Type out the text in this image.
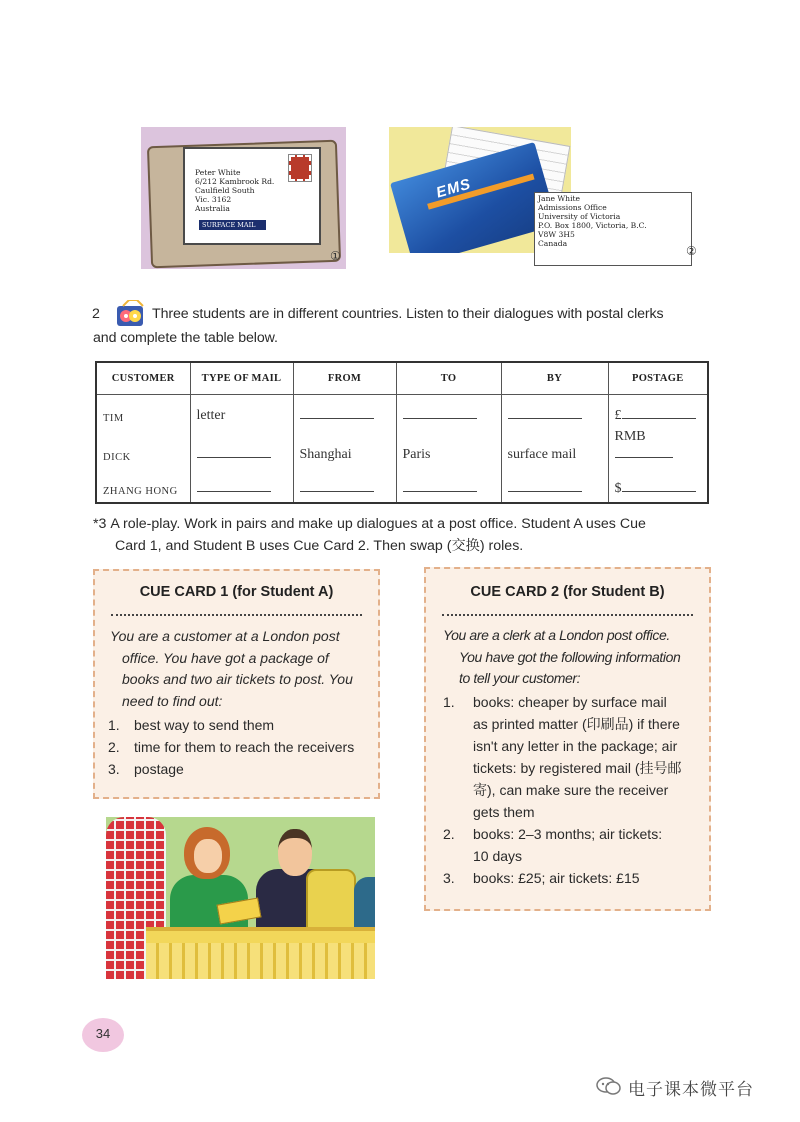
Peter White
6/212 Kambrook Rd.
Caulfield South
Vic. 3162
Australia
SURFACE MAIL
①
EMS	Jane White
Admissions Office
University of Victoria
P.O. Box 1800, Victoria, B.C.
V8W 3H5
Canada
②
2	Three students are in different countries. Listen to their dialogues with postal clerks
and complete the table below.
CUSTOMER	TYPE OF MAIL	FROM	TO	BY	POSTAGE
TIM	letter				£
DICK		Shanghai	Paris	surface mail	RMB
ZHANG HONG					$
*3 A role-play. Work in pairs and make up dialogues at a post office. Student A uses Cue
Card 1, and Student B uses Cue Card 2. Then swap (交换) roles.
CUE CARD 1 (for Student A)
You are a customer at a London post
office. You have got a package of
books and two air tickets to post. You
need to find out:
1.	best way to send them
2.	time for them to reach the receivers
3.	postage
CUE CARD 2 (for Student B)
You are a clerk at a London post office.
You have got the following information
to tell your customer:
1.	books: cheaper by surface mail
as printed matter (印刷品) if there
isn't any letter in the package; air
tickets: by registered mail (挂号邮
寄), can make sure the receiver
gets them
2.	books: 2–3 months; air tickets:
10 days
3.	books: £25; air tickets: £15
34
电子课本微平台
